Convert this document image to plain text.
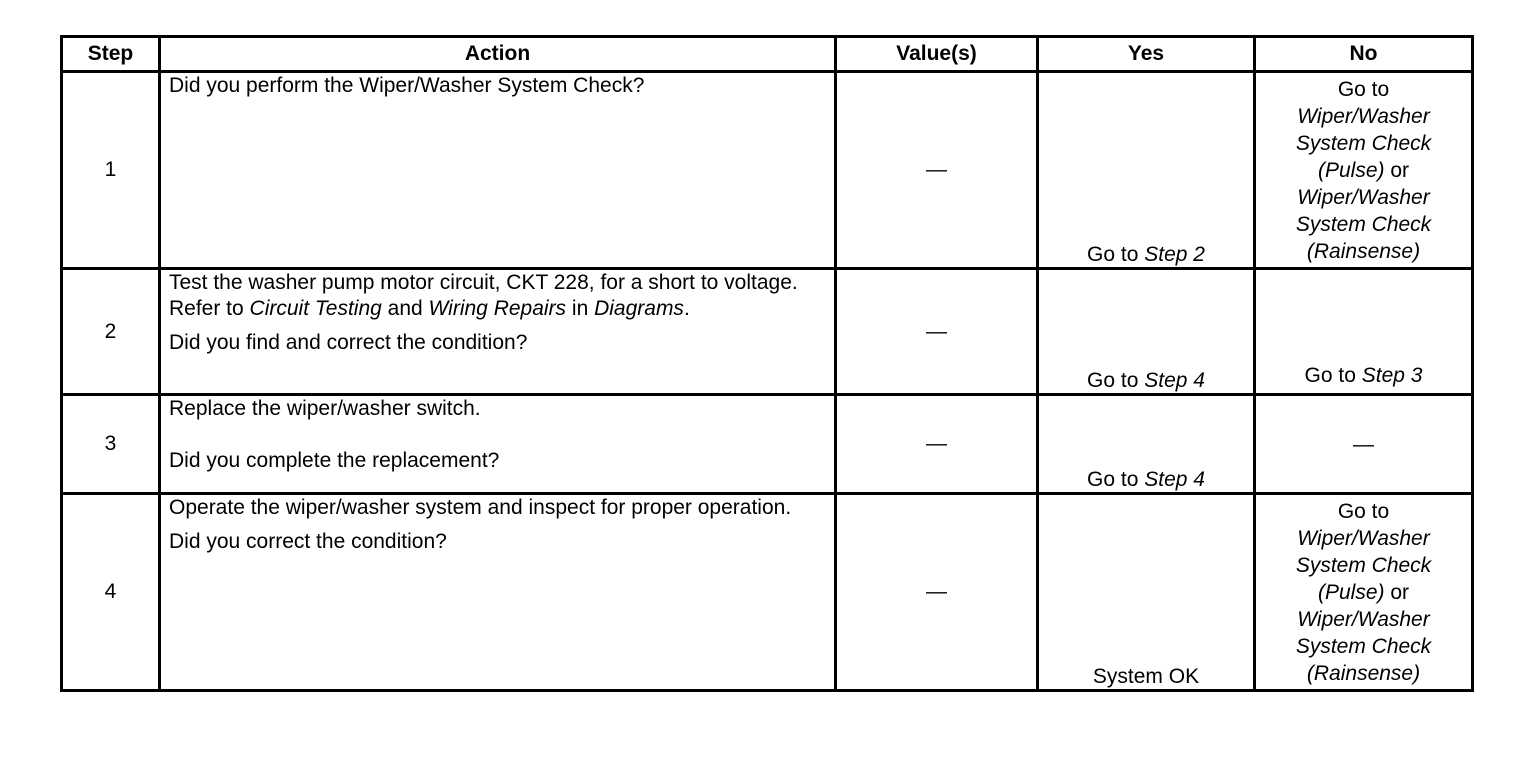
Step	Action	Value(s)	Yes	No
1	Did you perform the Wiper/Washer System Check?	—	Go to Step 2	Go to
Wiper/Washer System Check
(Pulse) or
Wiper/Washer System Check
(Rainsense)
2	Test the washer pump motor circuit, CKT 228, for a short to voltage. Refer to Circuit Testing and Wiring Repairs in Diagrams.
Did you find and correct the condition?	—	Go to Step 4	Go to Step 3
3	Replace the wiper/washer switch.
Did you complete the replacement?	—	Go to Step 4	—
4	Operate the wiper/washer system and inspect for proper operation.
Did you correct the condition?	—	System OK	Go to
Wiper/Washer System Check
(Pulse) or
Wiper/Washer System Check
(Rainsense)
